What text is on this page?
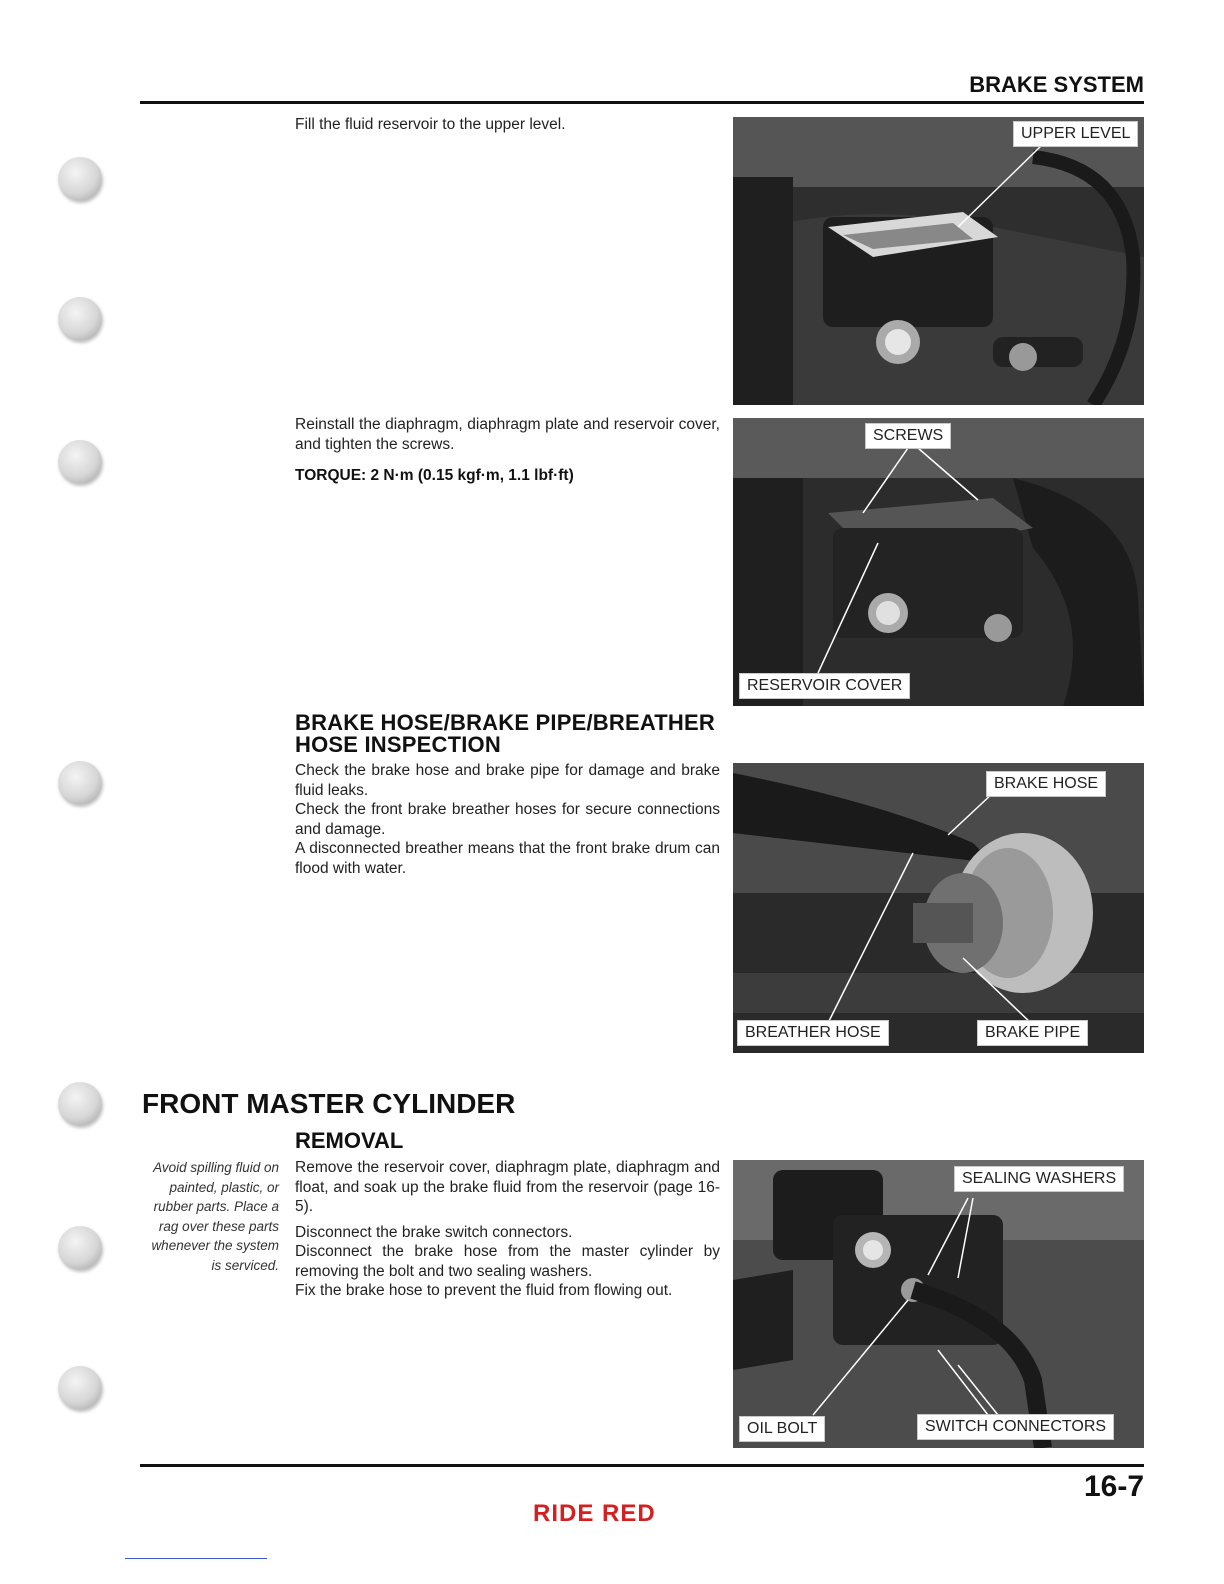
BRAKE SYSTEM
Fill the fluid reservoir to the upper level.
Reinstall the diaphragm, diaphragm plate and reservoir cover, and tighten the screws.
TORQUE: 2 N·m (0.15 kgf·m, 1.1 lbf·ft)
BRAKE HOSE/BRAKE PIPE/BREATHER
HOSE INSPECTION

Check the brake hose and brake pipe for damage and brake fluid leaks.

Check the front brake breather hoses for secure connections and damage.

A disconnected breather means that the front brake drum can flood with water.

FRONT MASTER CYLINDER
REMOVAL
Avoid spilling fluid on painted, plastic, or rubber parts. Place a rag over these parts whenever the system is serviced.

Remove the reservoir cover, diaphragm plate, diaphragm and float, and soak up the brake fluid from the reservoir (page 16-5).

Disconnect the brake switch connectors.

Disconnect the brake hose from the master cylinder by removing the bolt and two sealing washers.

Fix the brake hose to prevent the fluid from flowing out.

UPPER LEVEL
SCREWS
RESERVOIR COVER
BRAKE HOSE
BREATHER HOSE	BRAKE PIPE
SEALING WASHERS
OIL BOLT	SWITCH CONNECTORS
16-7
RIDE RED
